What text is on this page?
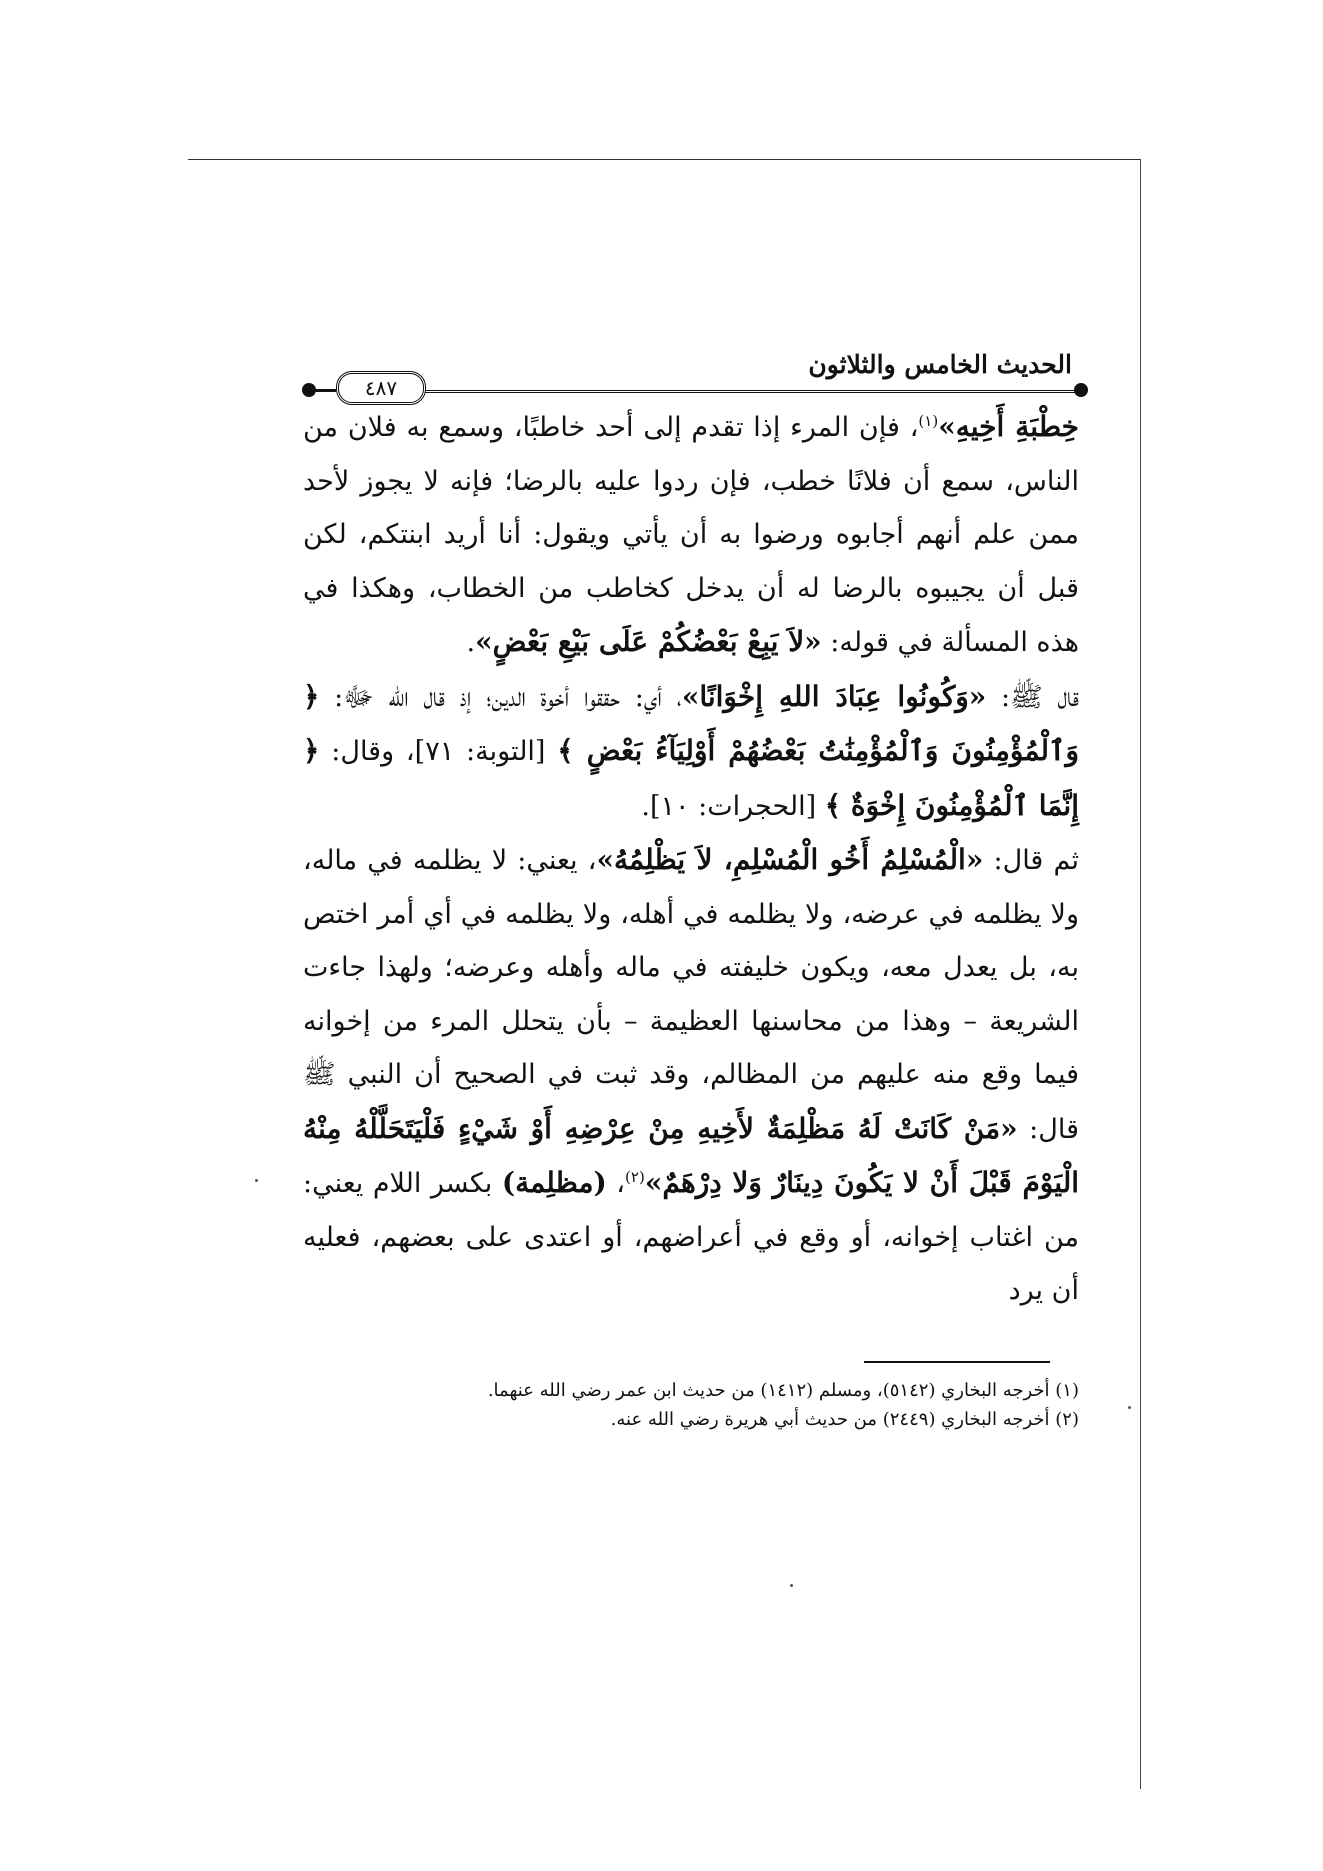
الحديث الخامس والثلاثون
٤٨٧

خِطْبَةِ أَخِيهِ»$^{(١)}$، فإن المرء إذا تقدم إلى أحد خاطبًا، وسمع به فلان من الناس، سمع أن فلانًا خطب، فإن ردوا عليه بالرضا؛ فإنه لا يجوز لأحد ممن علم أنهم أجابوه ورضوا به أن يأتي ويقول: أنا أريد ابنتكم، لكن قبل أن يجيبوه بالرضا له أن يدخل كخاطب من الخطاب، وهكذا في هذه المسألة في قوله: «لاَ يَبِعْ بَعْضُكُمْ عَلَى بَيْعِ بَعْضٍ».

قال ﷺ: «وَكُونُوا عِبَادَ اللهِ إِخْوَانًا»، أي: حققوا أخوة الدين؛ إذ قال الله ﷻ: ﴿ وَٱلْمُؤْمِنُونَ وَٱلْمُؤْمِنَٰتُ بَعْضُهُمْ أَوْلِيَآءُ بَعْضٍ ﴾ [التوبة: ٧١]، وقال: ﴿ إِنَّمَا ٱلْمُؤْمِنُونَ إِخْوَةٌ ﴾ [الحجرات: ١٠].

ثم قال: «الْمُسْلِمُ أَخُو الْمُسْلِمِ، لاَ يَظْلِمُهُ»، يعني: لا يظلمه في ماله، ولا يظلمه في عرضه، ولا يظلمه في أهله، ولا يظلمه في أي أمر اختص به، بل يعدل معه، ويكون خليفته في ماله وأهله وعرضه؛ ولهذا جاءت الشريعة – وهذا من محاسنها العظيمة – بأن يتحلل المرء من إخوانه فيما وقع منه عليهم من المظالم، وقد ثبت في الصحيح أن النبي ﷺ قال: «مَنْ كَانَتْ لَهُ مَظْلِمَةٌ لأَخِيهِ مِنْ عِرْضِهِ أَوْ شَيْءٍ فَلْيَتَحَلَّلْهُ مِنْهُ الْيَوْمَ قَبْلَ أَنْ لا يَكُونَ دِينَارٌ وَلا دِرْهَمٌ»$^{(٢)}$، (مظلِمة) بكسر اللام يعني: من اغتاب إخوانه، أو وقع في أعراضهم، أو اعتدى على بعضهم، فعليه أن يرد

(١) أخرجه البخاري (٥١٤٢)، ومسلم (١٤١٢) من حديث ابن عمر رضي الله عنهما.

(٢) أخرجه البخاري (٢٤٤٩) من حديث أبي هريرة رضي الله عنه.
